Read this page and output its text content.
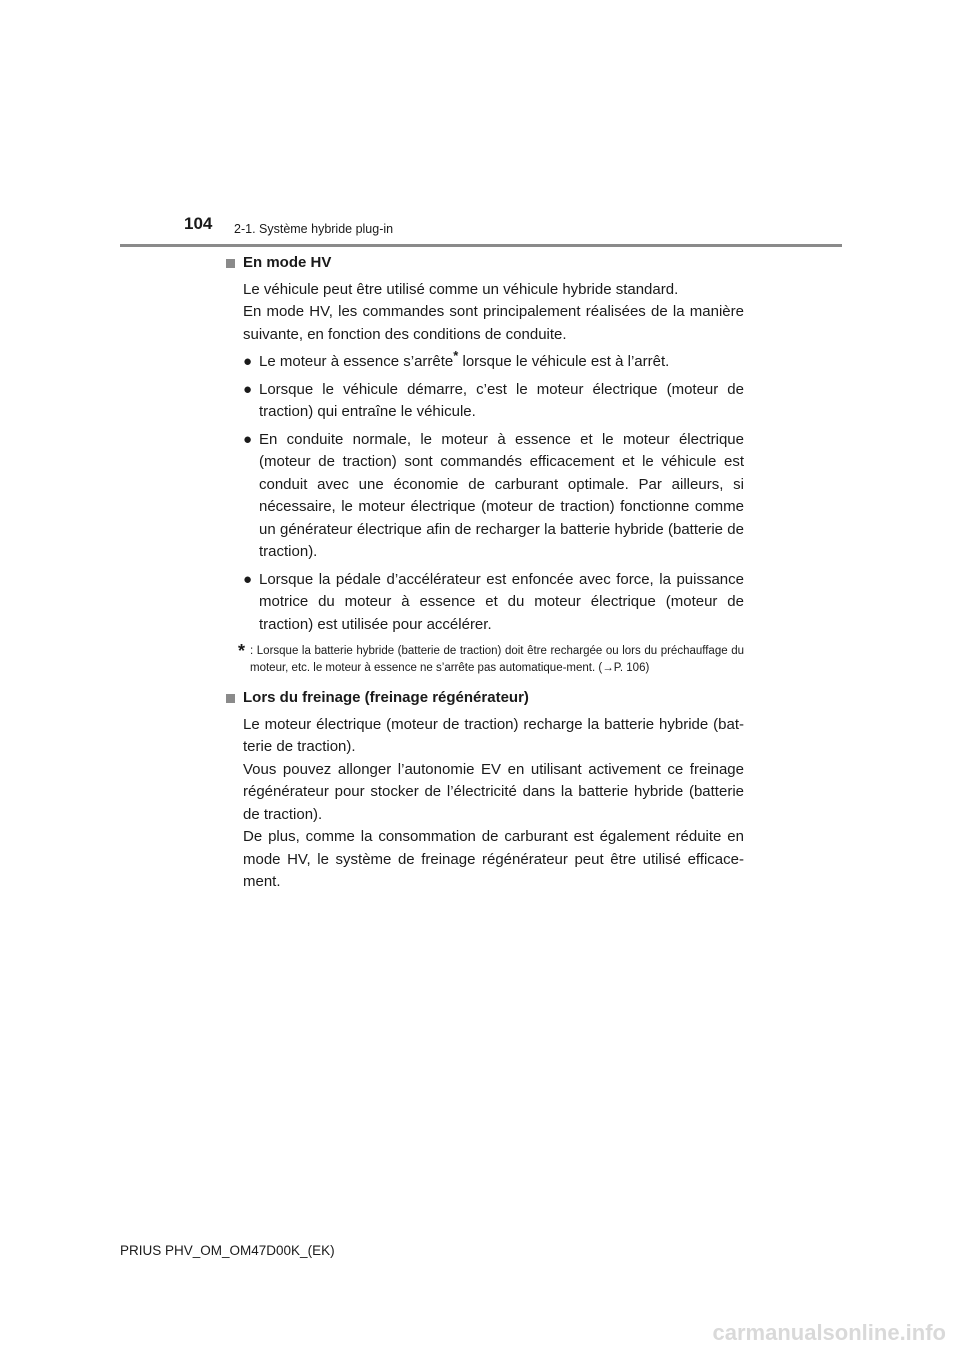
104 2-1. Système hybride plug-in
En mode HV

Le véhicule peut être utilisé comme un véhicule hybride standard.

En mode HV, les commandes sont principalement réalisées de la manière suivante, en fonction des conditions de conduite.

● Le moteur à essence s’arrête* lorsque le véhicule est à l’arrêt.
● Lorsque le véhicule démarre, c’est le moteur électrique (moteur de traction) qui entraîne le véhicule.
● En conduite normale, le moteur à essence et le moteur électrique (moteur de traction) sont commandés efficacement et le véhicule est conduit avec une économie de carburant optimale. Par ailleurs, si nécessaire, le moteur électrique (moteur de traction) fonctionne comme un générateur électrique afin de recharger la batterie hybride (batterie de traction).
● Lorsque la pédale d’accélérateur est enfoncée avec force, la puissance motrice du moteur à essence et du moteur électrique (moteur de traction) est utilisée pour accélérer.
* : Lorsque la batterie hybride (batterie de traction) doit être rechargée ou lors du préchauffage du moteur, etc. le moteur à essence ne s’arrête pas automatique-ment. (→P. 106)
Lors du freinage (freinage régénérateur)

Le moteur électrique (moteur de traction) recharge la batterie hybride (bat-terie de traction).

Vous pouvez allonger l’autonomie EV en utilisant activement ce freinage régénérateur pour stocker de l’électricité dans la batterie hybride (batterie de traction).

De plus, comme la consommation de carburant est également réduite en mode HV, le système de freinage régénérateur peut être utilisé efficace-ment.

PRIUS PHV_OM_OM47D00K_(EK)
carmanualsonline.info
